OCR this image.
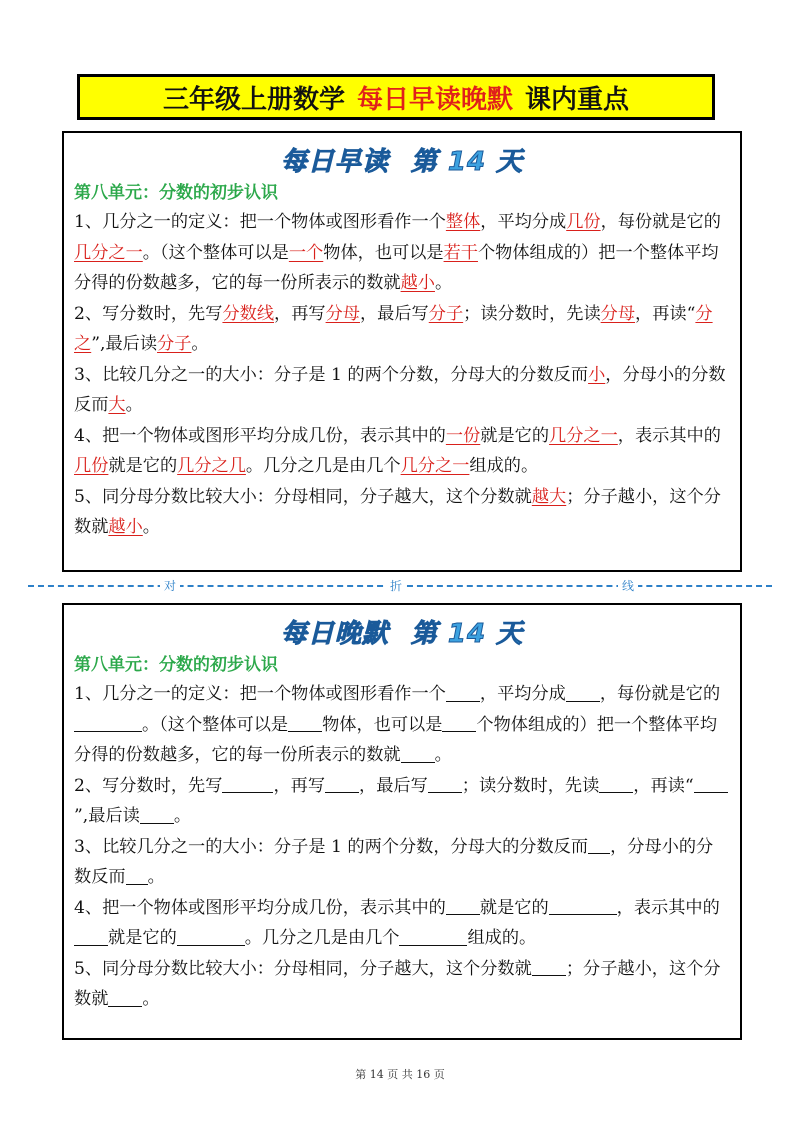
三年级上册数学 每日早读晚默 课内重点
每日早读 第 14 天
第八单元：分数的初步认识

1、几分之一的定义：把一个物体或图形看作一个整体，平均分成几份，每份就是它的几分之一。（这个整体可以是一个物体，也可以是若干个物体组成的）把一个整体平均分得的份数越多，它的每一份所表示的数就越小。

2、写分数时，先写分数线，再写分母，最后写分子；读分数时，先读分母，再读“分之”,最后读分子。

3、比较几分之一的大小：分子是 1 的两个分数，分母大的分数反而小，分母小的分数反而大。

4、把一个物体或图形平均分成几份，表示其中的一份就是它的几分之一，表示其中的几份就是它的几分之几。几分之几是由几个几分之一组成的。

5、同分母分数比较大小：分母相同，分子越大，这个分数就越大；分子越小，这个分数就越小。

对	折	线
每日晚默 第 14 天
第八单元：分数的初步认识

1、几分之一的定义：把一个物体或图形看作一个 ，平均分成 ，每份就是它的。（这个整体可以是 物体，也可以是 个物体组成的）把一个整体平均分得的份数越多，它的每一份所表示的数就 。

2、写分数时，先写	，再写 ，最后写 ；读分数时，先读 ，再读“”,最后读 。

3、比较几分之一的大小：分子是 1 的两个分数，分母大的分数反而 ，分母小的分数反而 。

4、把一个物体或图形平均分成几份，表示其中的 就是它的	，表示其中的就是它的	。几分之几是由几个	组成的。

5、同分母分数比较大小：分母相同，分子越大，这个分数就 ；分子越小，这个分数就 。

第 14 页 共 16 页
